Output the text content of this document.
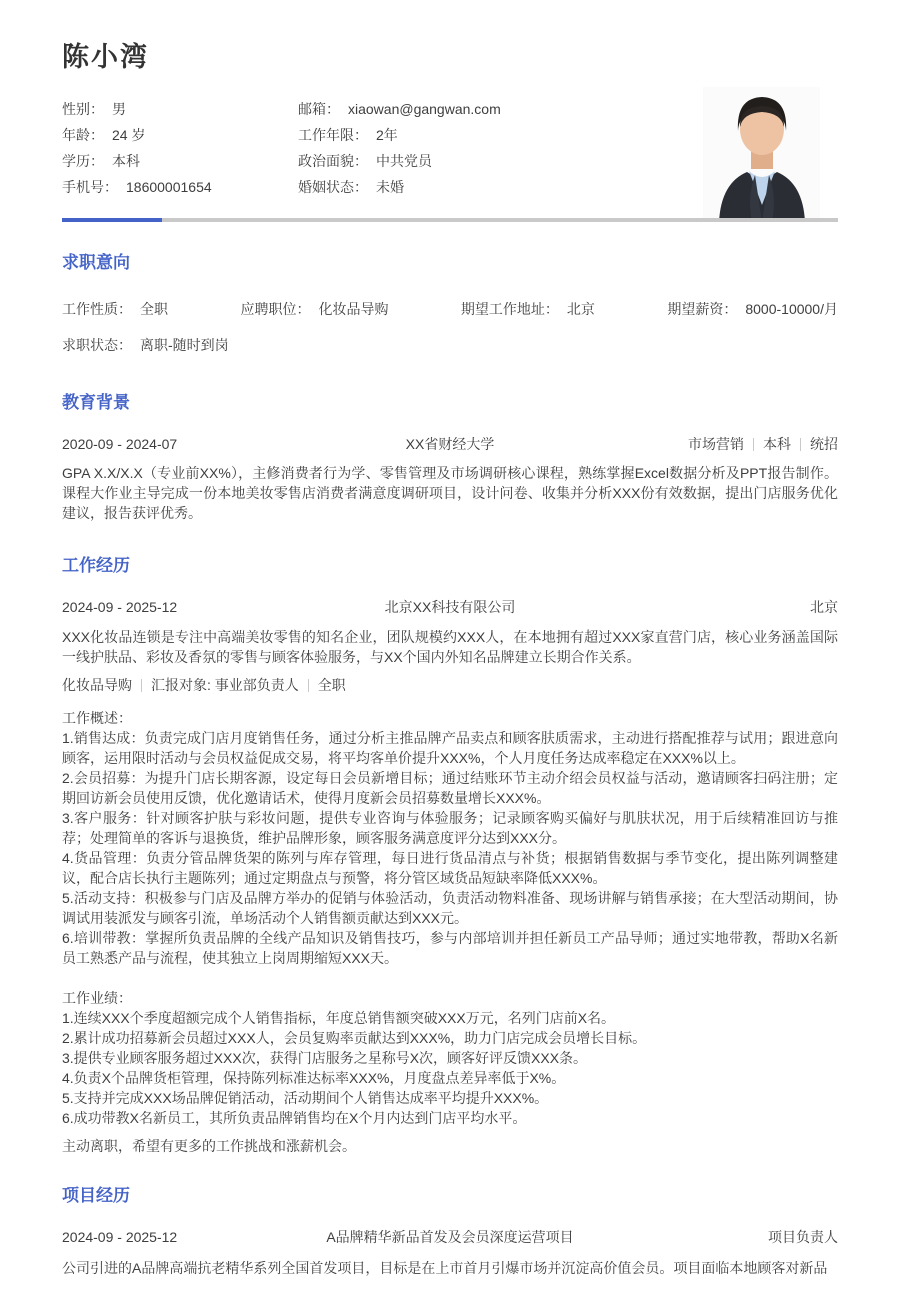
陈小湾
性别： 男
年龄： 24 岁
学历： 本科
手机号： 18600001654
邮箱： xiaowan@gangwan.com
工作年限： 2年
政治面貌： 中共党员
婚姻状态： 未婚
求职意向
工作性质： 全职	应聘职位： 化妆品导购	期望工作地址： 北京	期望薪资： 8000-10000/月
求职状态： 离职-随时到岗
教育背景
2020-09 - 2024-07	XX省财经大学	市场营销 本科 统招
GPA X.X/X.X（专业前XX%），主修消费者行为学、零售管理及市场调研核心课程，熟练掌握Excel数据分析及PPT报告制作。课程大作业主导完成一份本地美妆零售店消费者满意度调研项目，设计问卷、收集并分析XXX份有效数据，提出门店服务优化建议，报告获评优秀。
工作经历
2024-09 - 2025-12	北京XX科技有限公司	北京
XXX化妆品连锁是专注中高端美妆零售的知名企业，团队规模约XXX人，在本地拥有超过XXX家直营门店，核心业务涵盖国际一线护肤品、彩妆及香氛的零售与顾客体验服务，与XX个国内外知名品牌建立长期合作关系。
化妆品导购 汇报对象: 事业部负责人 全职
工作概述：
1.销售达成：负责完成门店月度销售任务，通过分析主推品牌产品卖点和顾客肤质需求，主动进行搭配推荐与试用；跟进意向顾客，运用限时活动与会员权益促成交易，将平均客单价提升XXX%，个人月度任务达成率稳定在XXX%以上。
2.会员招募：为提升门店长期客源，设定每日会员新增目标；通过结账环节主动介绍会员权益与活动，邀请顾客扫码注册；定期回访新会员使用反馈，优化邀请话术，使得月度新会员招募数量增长XXX%。
3.客户服务：针对顾客护肤与彩妆问题，提供专业咨询与体验服务；记录顾客购买偏好与肌肤状况，用于后续精准回访与推荐；处理简单的客诉与退换货，维护品牌形象，顾客服务满意度评分达到XXX分。
4.货品管理：负责分管品牌货架的陈列与库存管理，每日进行货品清点与补货；根据销售数据与季节变化，提出陈列调整建议，配合店长执行主题陈列；通过定期盘点与预警，将分管区域货品短缺率降低XXX%。
5.活动支持：积极参与门店及品牌方举办的促销与体验活动，负责活动物料准备、现场讲解与销售承接；在大型活动期间，协调试用装派发与顾客引流，单场活动个人销售额贡献达到XXX元。
6.培训带教：掌握所负责品牌的全线产品知识及销售技巧，参与内部培训并担任新员工产品导师；通过实地带教，帮助X名新员工熟悉产品与流程，使其独立上岗周期缩短XXX天。
工作业绩：
1.连续XXX个季度超额完成个人销售指标，年度总销售额突破XXX万元，名列门店前X名。
2.累计成功招募新会员超过XXX人，会员复购率贡献达到XXX%，助力门店完成会员增长目标。
3.提供专业顾客服务超过XXX次，获得门店服务之星称号X次，顾客好评反馈XXX条。
4.负责X个品牌货柜管理，保持陈列标准达标率XXX%，月度盘点差异率低于X%。
5.支持并完成XXX场品牌促销活动，活动期间个人销售达成率平均提升XXX%。
6.成功带教X名新员工，其所负责品牌销售均在X个月内达到门店平均水平。
主动离职，希望有更多的工作挑战和涨薪机会。
项目经历
2024-09 - 2025-12	A品牌精华新品首发及会员深度运营项目	项目负责人
公司引进的A品牌高端抗老精华系列全国首发项目，目标是在上市首月引爆市场并沉淀高价值会员。项目面临本地顾客对新品
